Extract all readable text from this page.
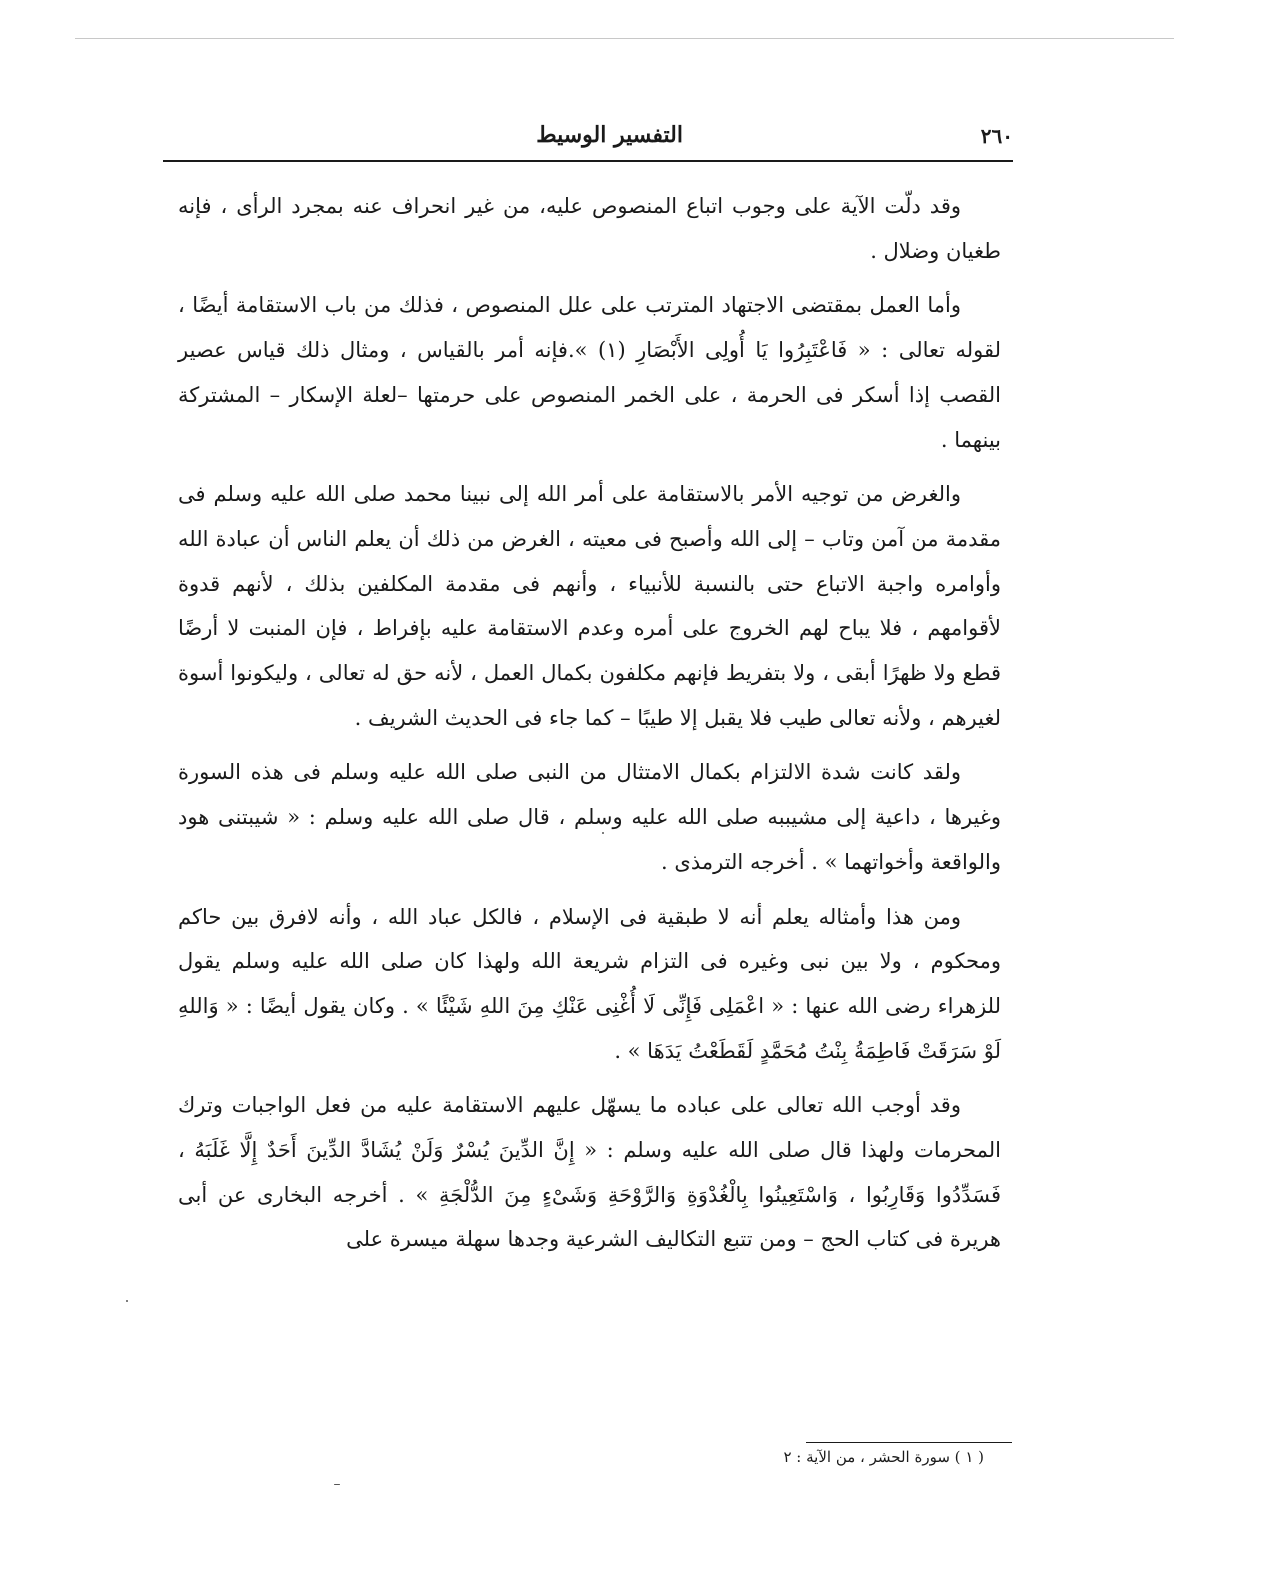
٢٦٠
التفسير الوسيط

وقد دلّت الآية على وجوب اتباع المنصوص عليه، من غير انحراف عنه بمجرد الرأى ، فإنه طغيان وضلال .

وأما العمل بمقتضى الاجتهاد المترتب على علل المنصوص ، فذلك من باب الاستقامة أيضًا ، لقوله تعالى : « فَاعْتَبِرُوا يَا أُولِى الأَبْصَارِ (١) ».فإنه أمر بالقياس ، ومثال ذلك قياس عصير القصب إذا أسكر فى الحرمة ، على الخمر المنصوص على حرمتها –لعلة الإسكار – المشتركة بينهما .

والغرض من توجيه الأمر بالاستقامة على أمر الله إلى نبينا محمد صلى الله عليه وسلم فى مقدمة من آمن وتاب – إلى الله وأصبح فى معيته ، الغرض من ذلك أن يعلم الناس أن عبادة الله وأوامره واجبة الاتباع حتى بالنسبة للأنبياء ، وأنهم فى مقدمة المكلفين بذلك ، لأنهم قدوة لأقوامهم ، فلا يباح لهم الخروج على أمره وعدم الاستقامة عليه بإفراط ، فإن المنبت لا أرضًا قطع ولا ظهرًا أبقى ، ولا بتفريط فإنهم مكلفون بكمال العمل ، لأنه حق له تعالى ، وليكونوا أسوة لغيرهم ، ولأنه تعالى طيب فلا يقبل إلا طيبًا – كما جاء فى الحديث الشريف .

ولقد كانت شدة الالتزام بكمال الامتثال من النبى صلى الله عليه وسلم فى هذه السورة وغيرها ، داعية إلى مشيببه صلى الله عليه وسلم ، قال صلى الله عليه وسلم : « شيبتنى هود والواقعة وأخواتهما » . أخرجه الترمذى .

ومن هذا وأمثاله يعلم أنه لا طبقية فى الإسلام ، فالكل عباد الله ، وأنه لافرق بين حاكم ومحكوم ، ولا بين نبى وغيره فى التزام شريعة الله ولهذا كان صلى الله عليه وسلم يقول للزهراء رضى الله عنها : « اعْمَلِى فَإِنِّى لَا أُغْنِى عَنْكِ مِنَ اللهِ شَيْئًا » . وكان يقول أيضًا : « وَاللهِ لَوْ سَرَقَتْ فَاطِمَةُ بِنْتُ مُحَمَّدٍ لَقَطَعْتُ يَدَهَا » .

وقد أوجب الله تعالى على عباده ما يسهّل عليهم الاستقامة عليه من فعل الواجبات وترك المحرمات ولهذا قال صلى الله عليه وسلم : « إِنَّ الدِّينَ يُسْرٌ وَلَنْ يُشَادَّ الدِّينَ أَحَدٌ إِلَّا غَلَبَهُ ، فَسَدِّدُوا وَقَارِبُوا ، وَاسْتَعِينُوا بِالْغُدْوَةِ وَالرَّوْحَةِ وَشَىْءٍ مِنَ الدُّلْجَةِ » . أخرجه البخارى عن أبى هريرة فى كتاب الحج – ومن تتبع التكاليف الشرعية وجدها سهلة ميسرة على

( ١ ) سورة الحشر ، من الآية : ٢
